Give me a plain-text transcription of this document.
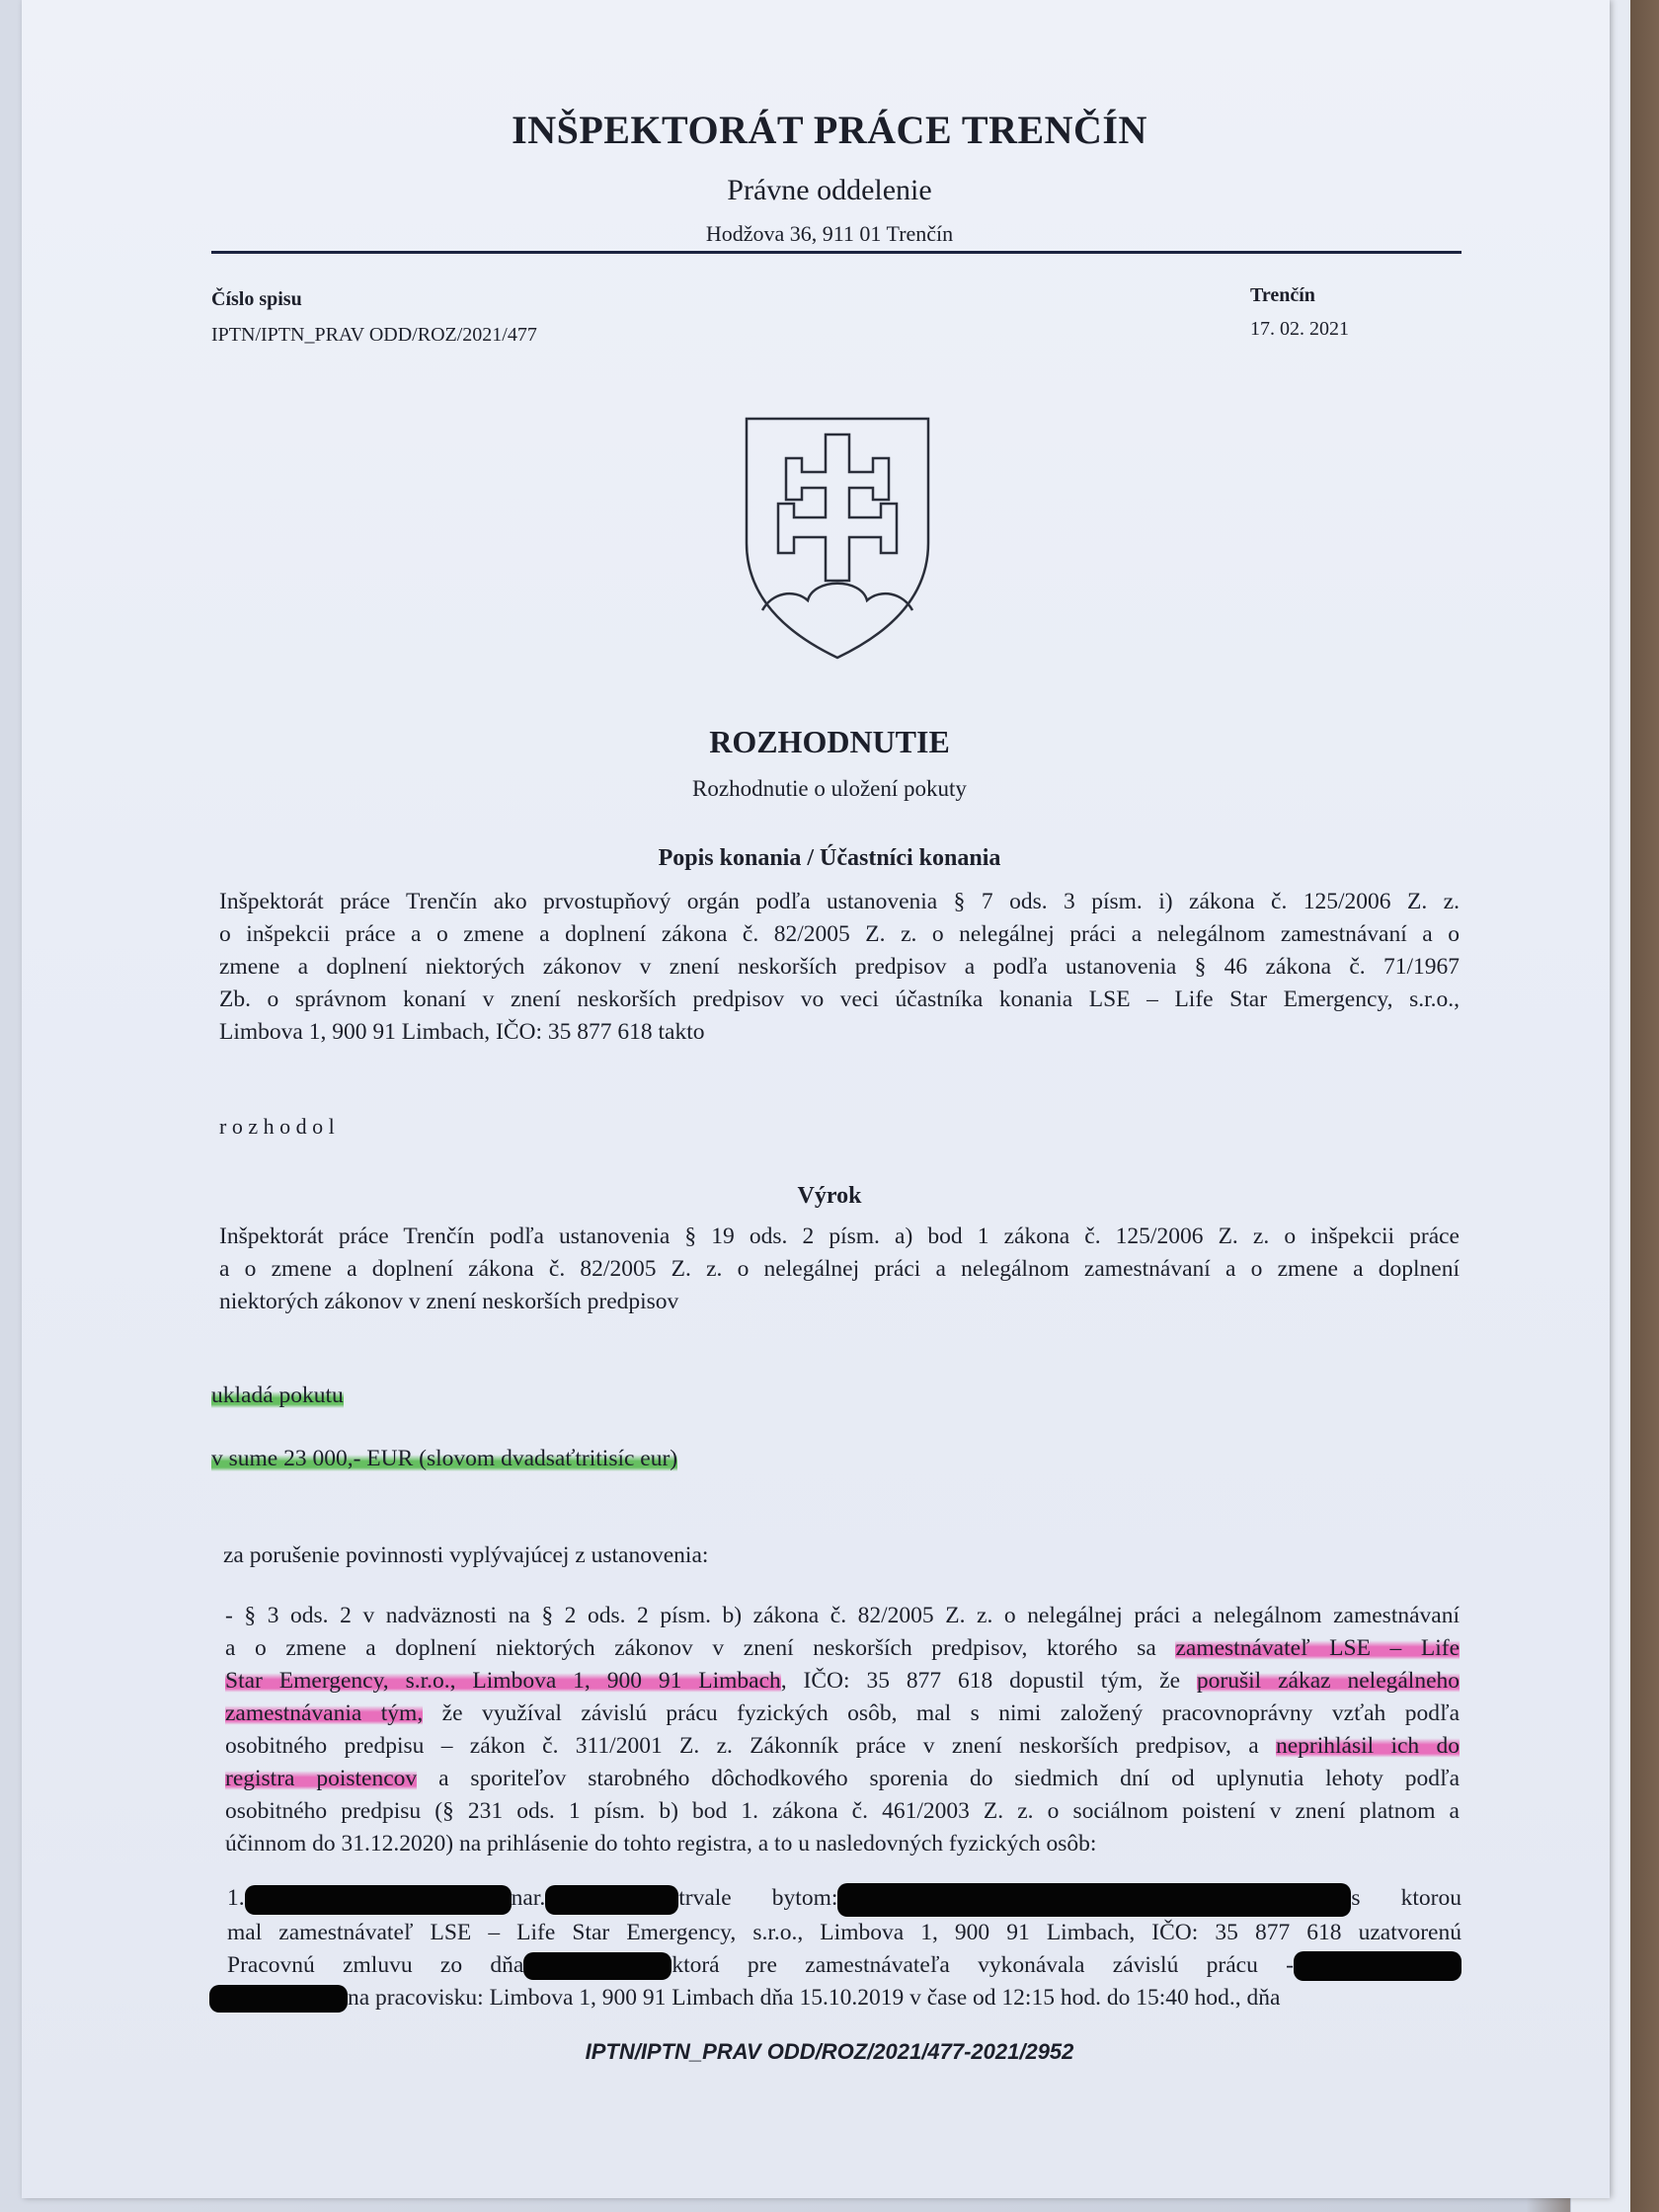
INŠPEKTORÁT PRÁCE TRENČÍN
Právne oddelenie
Hodžova 36, 911 01 Trenčín
Číslo spisu
IPTN/IPTN_PRAV ODD/ROZ/2021/477
Trenčín
17. 02. 2021
ROZHODNUTIE
Rozhodnutie o uložení pokuty
Popis konania / Účastníci konania
Inšpektorát práce Trenčín ako prvostupňový orgán podľa ustanovenia § 7 ods. 3 písm. i) zákona č. 125/2006 Z. z.
o inšpekcii práce a o zmene a doplnení zákona č. 82/2005 Z. z. o nelegálnej práci a nelegálnom zamestnávaní a o
zmene a doplnení niektorých zákonov v znení neskorších predpisov a podľa ustanovenia § 46 zákona č. 71/1967
Zb. o správnom konaní v znení neskorších predpisov vo veci účastníka konania LSE – Life Star Emergency, s.r.o.,
Limbova 1, 900 91 Limbach, IČO: 35 877 618 takto
r o z h o d o l
Výrok
Inšpektorát práce Trenčín podľa ustanovenia § 19 ods. 2 písm. a) bod 1 zákona č. 125/2006 Z. z. o inšpekcii práce
a o zmene a doplnení zákona č. 82/2005 Z. z. o nelegálnej práci a nelegálnom zamestnávaní a o zmene a doplnení
niektorých zákonov v znení neskorších predpisov
ukladá pokutu
v sume 23 000,- EUR (slovom dvadsaťtritisíc eur)
za porušenie povinnosti vyplývajúcej z ustanovenia:
- § 3 ods. 2 v nadväznosti na § 2 ods. 2 písm. b) zákona č. 82/2005 Z. z. o nelegálnej práci a nelegálnom zamestnávaní
a o zmene a doplnení niektorých zákonov v znení neskorších predpisov, ktorého sa zamestnávateľ LSE – Life
Star Emergency, s.r.o., Limbova 1, 900 91 Limbach, IČO: 35 877 618 dopustil tým, že porušil zákaz nelegálneho
zamestnávania tým, že využíval závislú prácu fyzických osôb, mal s nimi založený pracovnoprávny vzťah podľa
osobitného predpisu – zákon č. 311/2001 Z. z. Zákonník práce v znení neskorších predpisov, a neprihlásil ich do
registra poistencov a sporiteľov starobného dôchodkového sporenia do siedmich dní od uplynutia lehoty podľa
osobitného predpisu (§ 231 ods. 1 písm. b) bod 1. zákona č. 461/2003 Z. z. o sociálnom poistení v znení platnom a
účinnom do 31.12.2020) na prihlásenie do tohto registra, a to u nasledovných fyzických osôb:
1.	nar.	trvale bytom:	s ktorou
mal zamestnávateľ LSE – Life Star Emergency, s.r.o., Limbova 1, 900 91 Limbach, IČO: 35 877 618 uzatvorenú
Pracovnú zmluvu zo dňa	ktorá pre zamestnávateľa vykonávala závislú prácu -
na pracovisku: Limbova 1, 900 91 Limbach dňa 15.10.2019 v čase od 12:15 hod. do 15:40 hod., dňa
IPTN/IPTN_PRAV ODD/ROZ/2021/477-2021/2952
